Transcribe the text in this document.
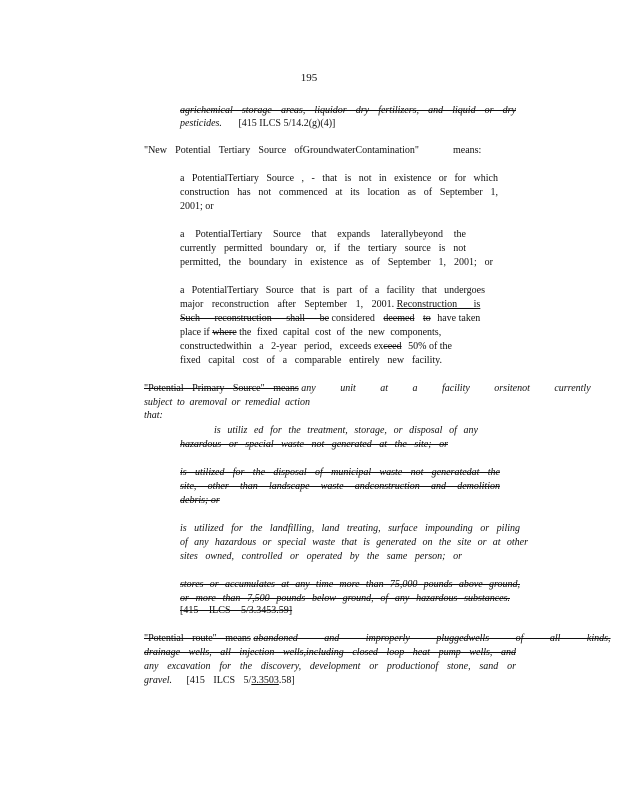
195
agrichemical storage areas, liquidor dry fertilizers, and liquid or dry
pesticides. [415 ILCS 5/14.2(g)(4)]
"New Potential Tertiary Source ofGroundwaterContamination"	means:
a PotentialTertiary Source , - that is not in existence or for which
construction has not commenced at its location as of September 1,
2001; or
a PotentialTertiary Source that expands laterallybeyond the
currently permitted boundary or, if the tertiary source is not
permitted, the boundary in existence as of September 1, 2001; or
a PotentialTertiary Source that is part of a facility that undergoes
major reconstruction after September 1, 2001. Reconstruction is
Such reconstruction shall be considered deemed to have taken
place if where the fixed capital cost of the new components,
constructedwithin a 2-year period, exceeds exceed 50% of the
fixed capital cost of a comparable entirely new facility.
"Potential Primary Source" means any unit at a facility orsitenot currently
subject to aremoval or remedial action that:
is utiliz ed for the treatment, storage, or disposal of any
hazardous or special waste not generated at the site; or
is utilized for the disposal of municipal waste not generatedat the
site, other than landscape waste andconstruction and demolition
debris; or
is utilized for the landfilling, land treating, surface impounding or piling
of any hazardous or special waste that is generated on the site or at other
sites owned, controlled or operated by the same person; or
stores or accumulates at any time more than 75,000 pounds above ground,
or more than 7,500 pounds below ground, of any hazardous substances.
[415 ILCS 5/3.3453.59]
"Potential route" means abandoned and improperly pluggedwells of all kinds,
drainage wells, all injection wells,including closed loop heat pump wells, and
any excavation for the discovery, development or productionof stone, sand or
gravel. [415 ILCS 5/3.3503.58]
